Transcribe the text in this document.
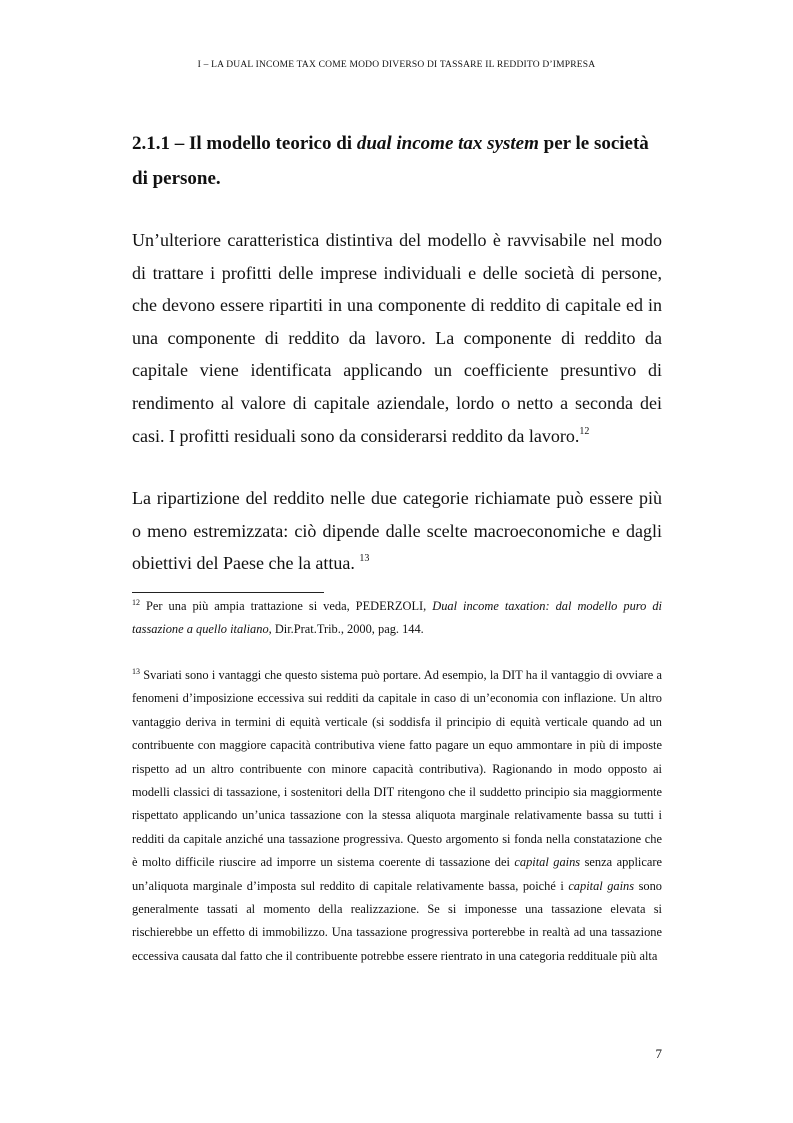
I – LA DUAL INCOME TAX COME MODO DIVERSO DI TASSARE IL REDDITO D’IMPRESA
2.1.1 – Il modello teorico di dual income tax system per le società di persone.

Un’ulteriore caratteristica distintiva del modello è ravvisabile nel modo di trattare i profitti delle imprese individuali e delle società di persone, che devono essere ripartiti in una componente di reddito di capitale ed in una componente di reddito da lavoro. La componente di reddito da capitale viene identificata applicando un coefficiente presuntivo di rendimento al valore di capitale aziendale, lordo o netto a seconda dei casi. I profitti residuali sono da considerarsi reddito da lavoro.$^{12}$

La ripartizione del reddito nelle due categorie richiamate può essere più o meno estremizzata: ciò dipende dalle scelte macroeconomiche e dagli obiettivi del Paese che la attua. $^{13}$

$^{12}$ Per una più ampia trattazione si veda, PEDERZOLI, Dual income taxation: dal modello puro di tassazione a quello italiano, Dir.Prat.Trib., 2000, pag. 144.

$^{13}$ Svariati sono i vantaggi che questo sistema può portare. Ad esempio, la DIT ha il vantaggio di ovviare a fenomeni d’imposizione eccessiva sui redditi da capitale in caso di un’economia con inflazione. Un altro vantaggio deriva in termini di equità verticale (si soddisfa il principio di equità verticale quando ad un contribuente con maggiore capacità contributiva viene fatto pagare un equo ammontare in più di imposte rispetto ad un altro contribuente con minore capacità contributiva). Ragionando in modo opposto ai modelli classici di tassazione, i sostenitori della DIT ritengono che il suddetto principio sia maggiormente rispettato applicando un’unica tassazione con la stessa aliquota marginale relativamente bassa su tutti i redditi da capitale anziché una tassazione progressiva. Questo argomento si fonda nella constatazione che è molto difficile riuscire ad imporre un sistema coerente di tassazione dei capital gains senza applicare un’aliquota marginale d’imposta sul reddito di capitale relativamente bassa, poiché i capital gains sono generalmente tassati al momento della realizzazione. Se si imponesse una tassazione elevata si rischierebbe un effetto di immobilizzo. Una tassazione progressiva porterebbe in realtà ad una tassazione eccessiva causata dal fatto che il contribuente potrebbe essere rientrato in una categoria reddituale più alta

7
